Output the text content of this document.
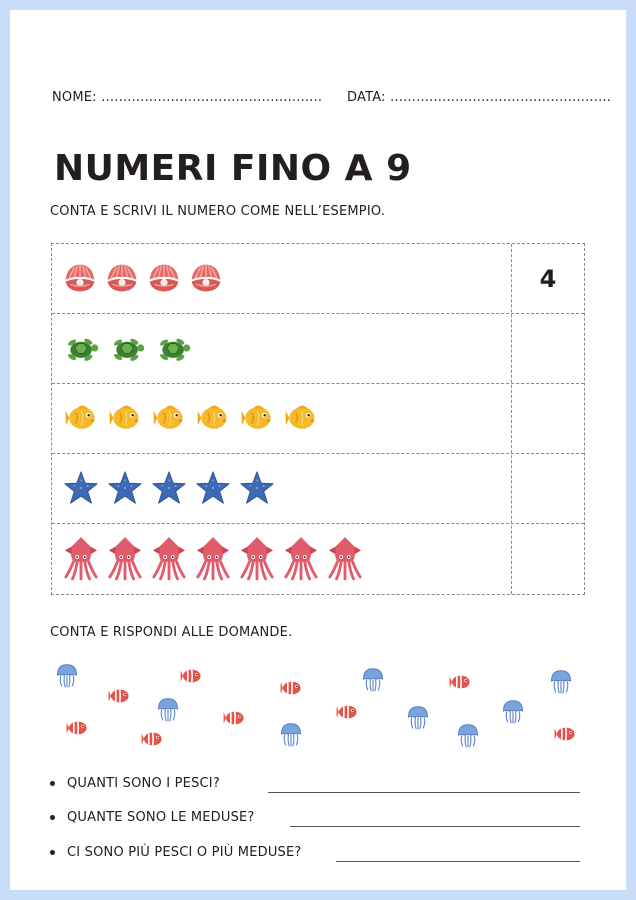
NOME: …………………………………………… DATA: ……………………………………………
NUMERI FINO A 9
CONTA E SCRIVI IL NUMERO COME NELL’ESEMPIO.
4
CONTA E RISPONDI ALLE DOMANDE.
QUANTI SONO I PESCI?
QUANTE SONO LE MEDUSE?
CI SONO PIÙ PESCI O PIÙ MEDUSE?
